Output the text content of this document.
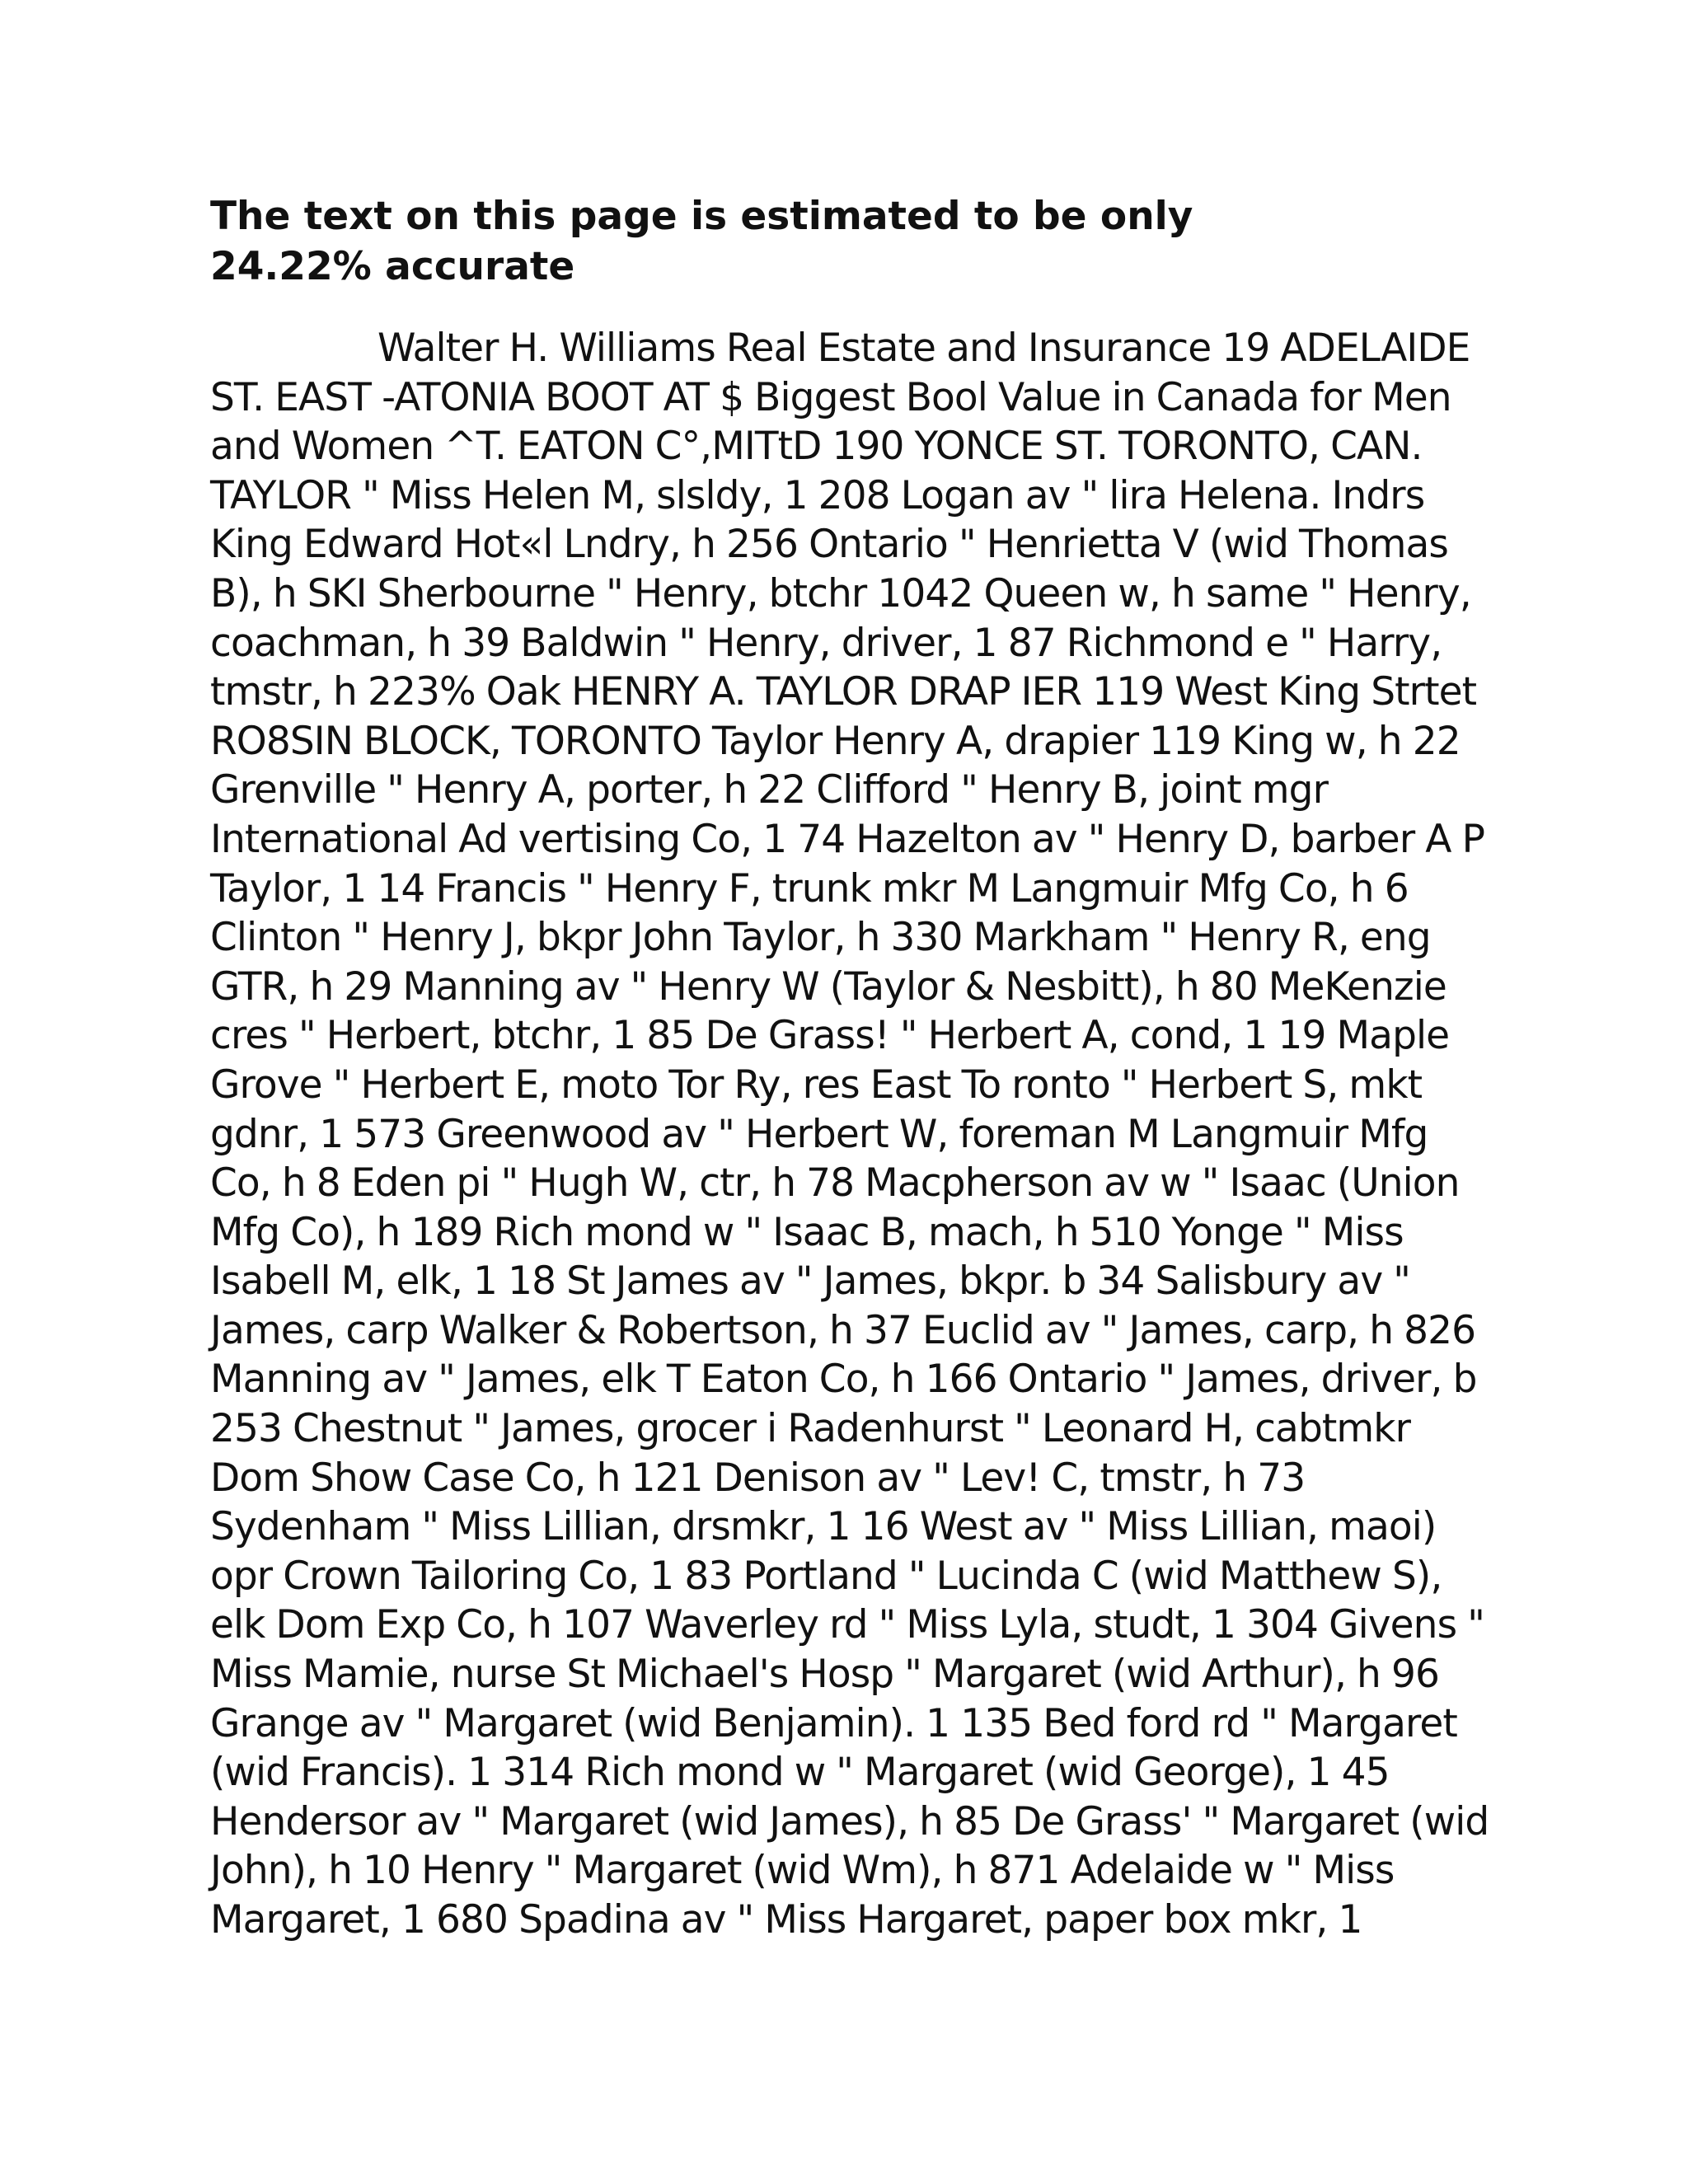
The text on this page is estimated to be only 24.22% accurate

Walter H. Williams Real Estate and Insurance 19 ADELAIDE ST. EAST -ATONIA BOOT AT $ Biggest Bool Value in Canada for Men and Women ^T. EATON C°,MITtD 190 YONCE ST. TORONTO, CAN. TAYLOR " Miss Helen M, slsldy, 1 208 Logan av " lira Helena. Indrs King Edward Hot«l Lndry, h 256 Ontario " Henrietta V (wid Thomas B), h SKI Sherbourne " Henry, btchr 1042 Queen w, h same " Henry, coachman, h 39 Baldwin " Henry, driver, 1 87 Richmond e " Harry, tmstr, h 223% Oak HENRY A. TAYLOR DRAP IER 119 West King Strtet RO8SIN BLOCK, TORONTO Taylor Henry A, drapier 119 King w, h 22 Grenville " Henry A, porter, h 22 Clifford " Henry B, joint mgr International Ad vertising Co, 1 74 Hazelton av " Henry D, barber A P Taylor, 1 14 Francis " Henry F, trunk mkr M Langmuir Mfg Co, h 6 Clinton " Henry J, bkpr John Taylor, h 330 Markham " Henry R, eng GTR, h 29 Manning av " Henry W (Taylor & Nesbitt), h 80 MeKenzie cres " Herbert, btchr, 1 85 De Grass! " Herbert A, cond, 1 19 Maple Grove " Herbert E, moto Tor Ry, res East To ronto " Herbert S, mkt gdnr, 1 573 Greenwood av " Herbert W, foreman M Langmuir Mfg Co, h 8 Eden pi " Hugh W, ctr, h 78 Macpherson av w " Isaac (Union Mfg Co), h 189 Rich mond w " Isaac B, mach, h 510 Yonge " Miss Isabell M, elk, 1 18 St James av " James, bkpr. b 34 Salisbury av " James, carp Walker & Robertson, h 37 Euclid av " James, carp, h 826 Manning av " James, elk T Eaton Co, h 166 Ontario " James, driver, b 253 Chestnut " James, grocer i Radenhurst " Leonard H, cabtmkr Dom Show Case Co, h 121 Denison av " Lev! C, tmstr, h 73 Sydenham " Miss Lillian, drsmkr, 1 16 West av " Miss Lillian, maoi) opr Crown Tailoring Co, 1 83 Portland " Lucinda C (wid Matthew S), elk Dom Exp Co, h 107 Waverley rd " Miss Lyla, studt, 1 304 Givens " Miss Mamie, nurse St Michael's Hosp " Margaret (wid Arthur), h 96 Grange av " Margaret (wid Benjamin). 1 135 Bed ford rd " Margaret (wid Francis). 1 314 Rich mond w " Margaret (wid George), 1 45 Hendersor av " Margaret (wid James), h 85 De Grass' " Margaret (wid John), h 10 Henry " Margaret (wid Wm), h 871 Adelaide w " Miss Margaret, 1 680 Spadina av " Miss Hargaret, paper box mkr, 1
